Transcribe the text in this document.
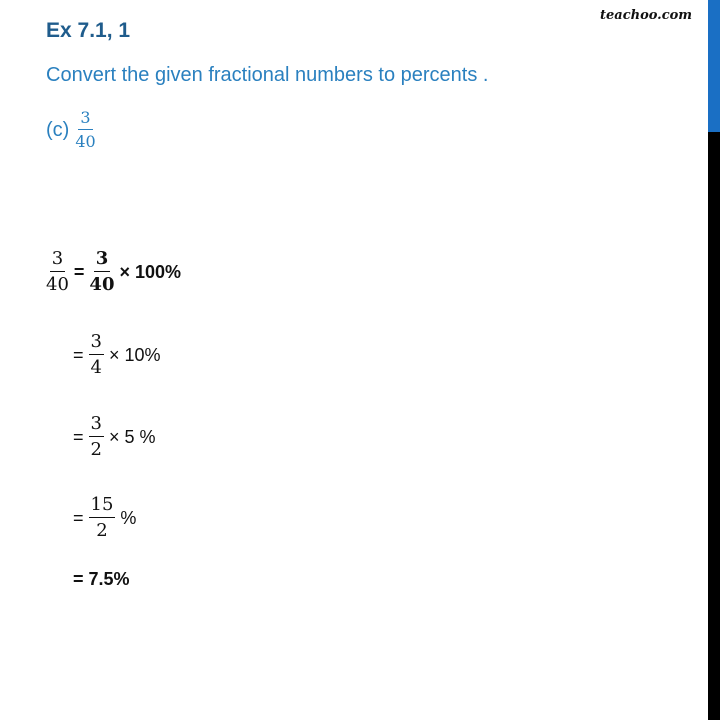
Ex 7.1, 1
teachoo.com
Convert the given fractional numbers to percents .
$(c) \frac{3}{40}$
$\frac{3}{40} = \frac{3}{40} \times 100\%$
= $\frac{3}{4} \times 10\%$
= $\frac{3}{2} \times 5$ %
= $\frac{15}{2}$ %
= 7.5%
